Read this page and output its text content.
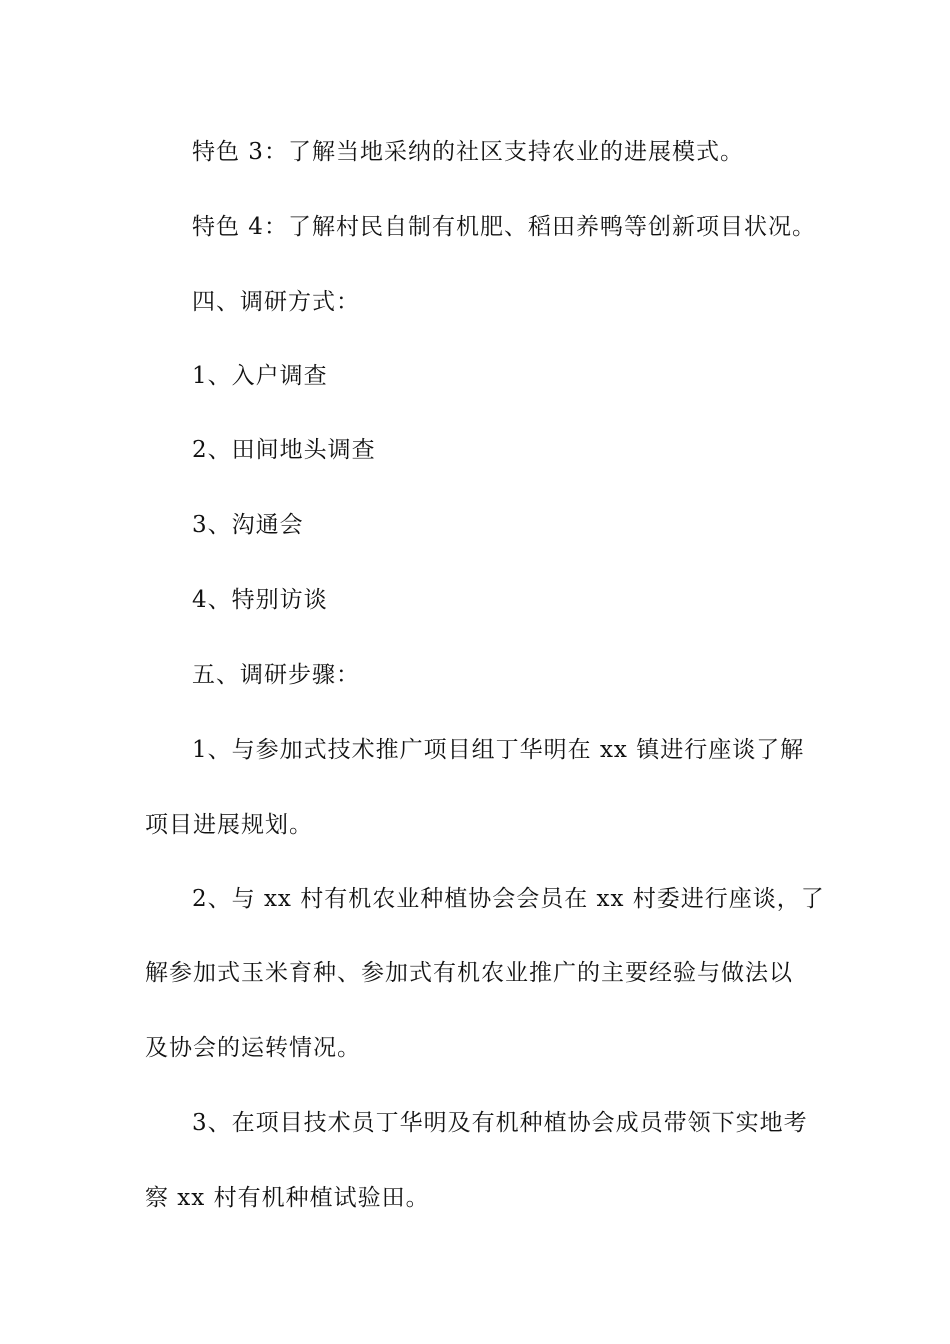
特色 3：了解当地采纳的社区支持农业的进展模式。
特色 4：了解村民自制有机肥、稻田养鸭等创新项目状况。
四、调研方式：
1、入户调查
2、田间地头调查
3、沟通会
4、特别访谈
五、调研步骤：
1、与参加式技术推广项目组丁华明在 xx 镇进行座谈了解
项目进展规划。
2、与 xx 村有机农业种植协会会员在 xx 村委进行座谈，了
解参加式玉米育种、参加式有机农业推广的主要经验与做法以
及协会的运转情况。
3、在项目技术员丁华明及有机种植协会成员带领下实地考
察 xx 村有机种植试验田。
